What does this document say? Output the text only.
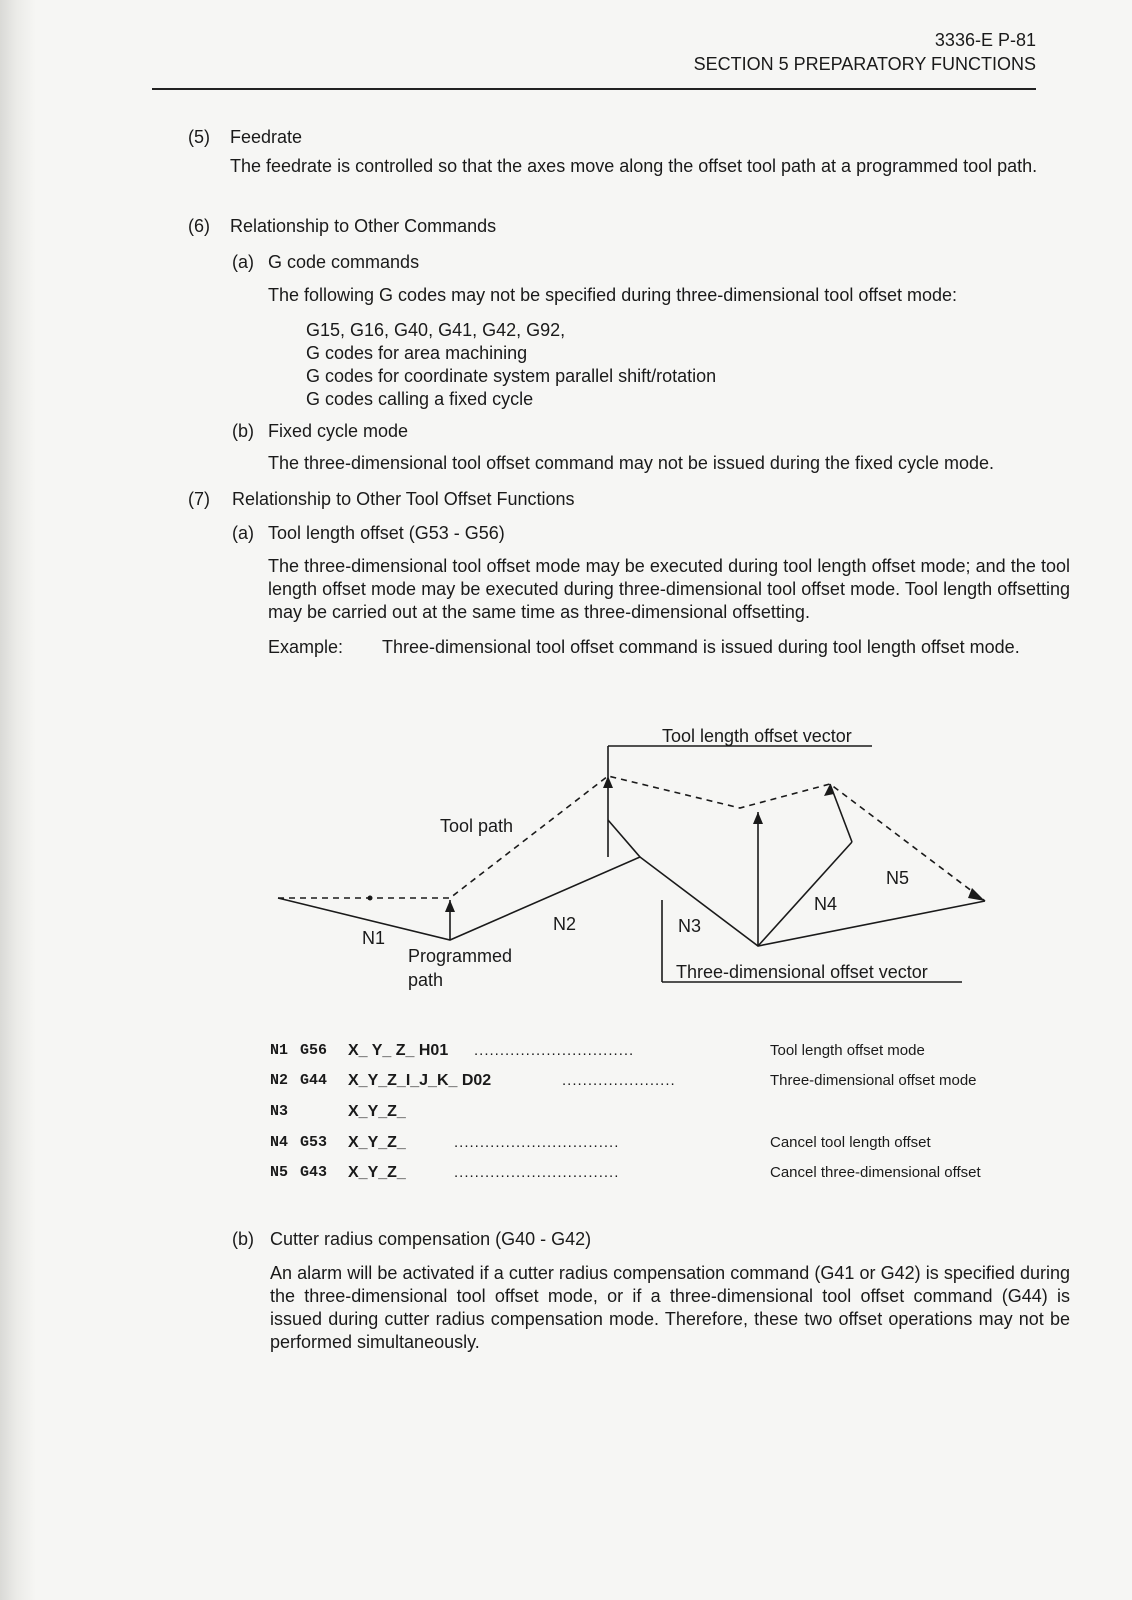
3336-E P-81
SECTION 5 PREPARATORY FUNCTIONS
(5) Feedrate
The feedrate is controlled so that the axes move along the offset tool path at a programmed tool path.
(6) Relationship to Other Commands
(a) G code commands
The following G codes may not be specified during three-dimensional tool offset mode:
G15, G16, G40, G41, G42, G92,
G codes for area machining
G codes for coordinate system parallel shift/rotation
G codes calling a fixed cycle
(b) Fixed cycle mode
The three-dimensional tool offset command may not be issued during the fixed cycle mode.
(7) Relationship to Other Tool Offset Functions
(a) Tool length offset (G53 - G56)
The three-dimensional tool offset mode may be executed during tool length offset mode; and the tool length offset mode may be executed during three-dimensional tool offset mode. Tool length offsetting may be carried out at the same time as three-dimensional offsetting.
Example: Three-dimensional tool offset command is issued during tool length offset mode.
Tool length offset vector
Tool path
N1
N2	N3
N4
N5
Programmed
path	Three-dimensional offset vector
N1 G56 X_ Y_ Z_ H01 ...............................	Tool length offset mode
N2 G44 X_Y_Z_I_J_K_ D02	......................	Three-dimensional offset mode
N3	X_Y_Z_
N4 G53 X_Y_Z_	................................	Cancel tool length offset
N5 G43 X_Y_Z_	................................	Cancel three-dimensional offset
(b) Cutter radius compensation (G40 - G42)
An alarm will be activated if a cutter radius compensation command (G41 or G42) is specified during the three-dimensional tool offset mode, or if a three-dimensional tool offset command (G44) is issued during cutter radius compensation mode. Therefore, these two offset operations may not be performed simultaneously.
